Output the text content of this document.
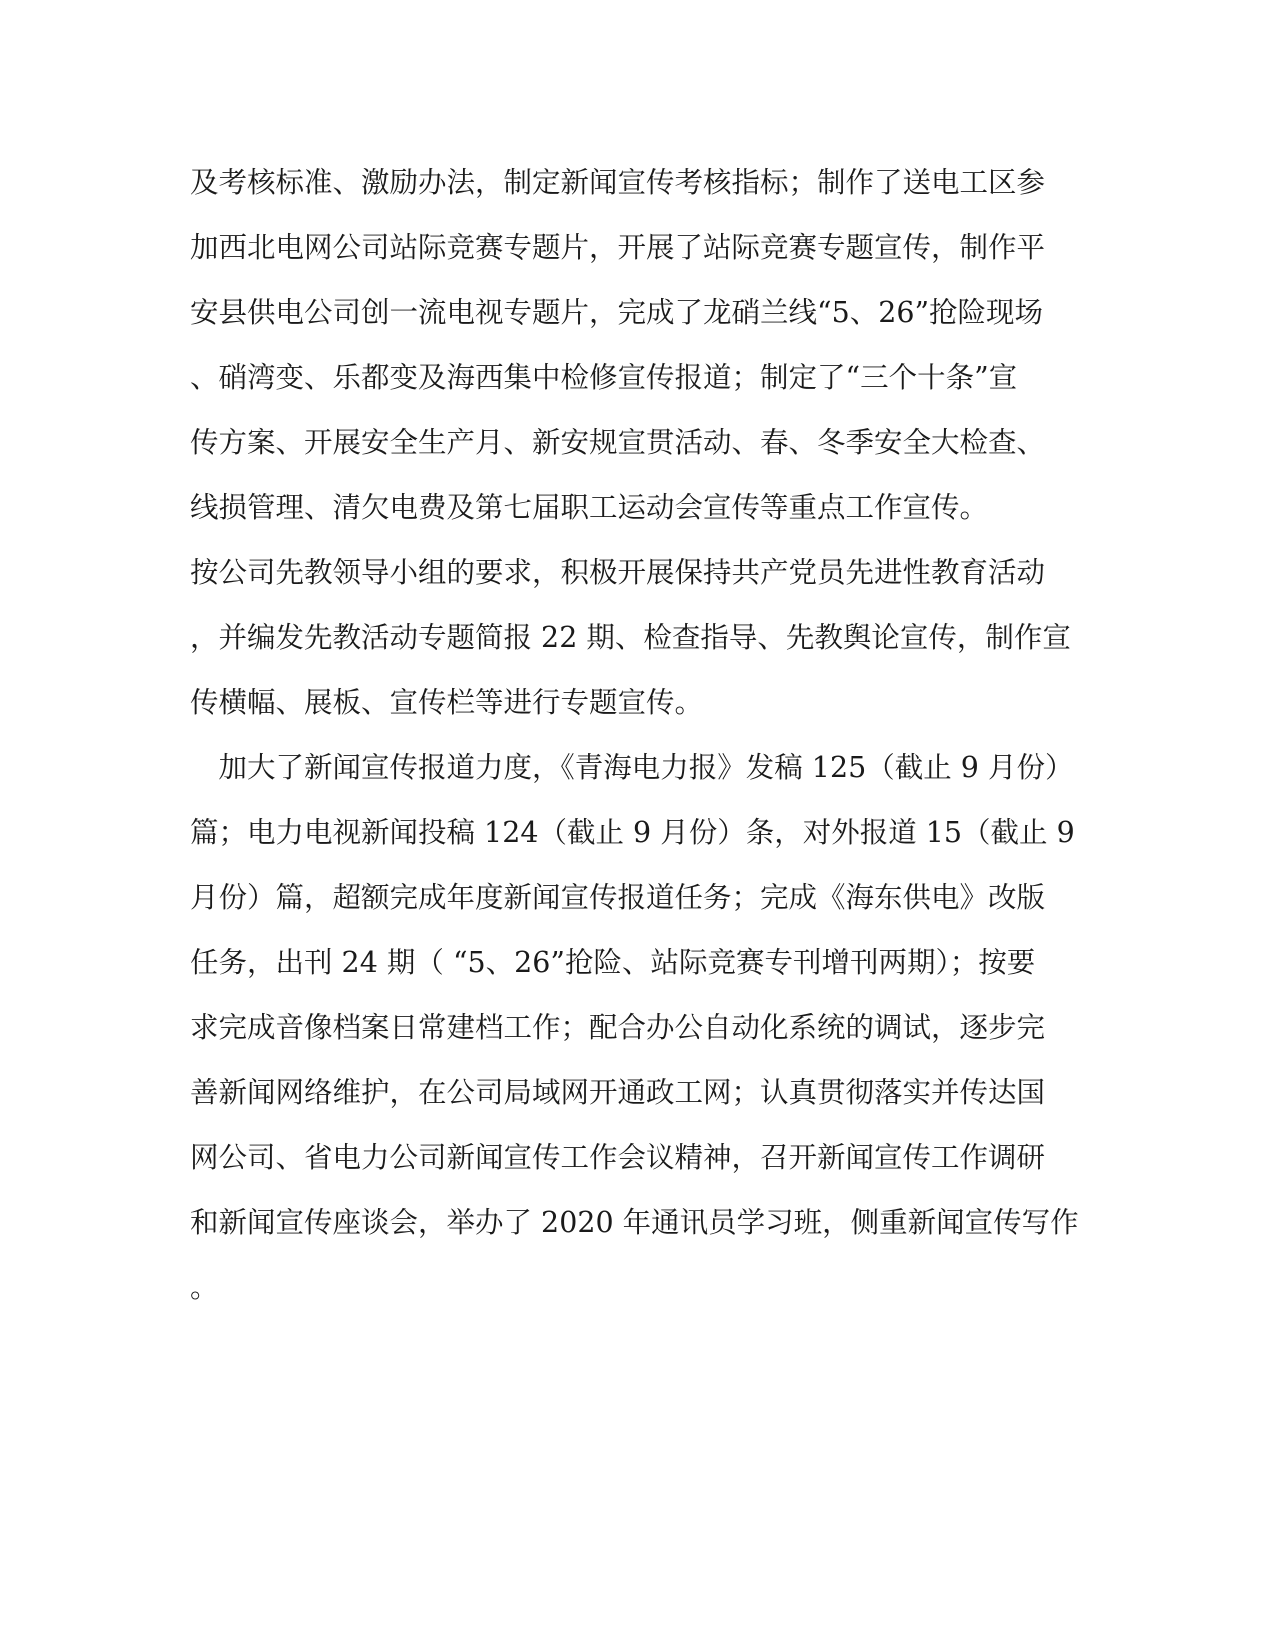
及考核标准、激励办法，制定新闻宣传考核指标；制作了送电工区参
加西北电网公司站际竞赛专题片，开展了站际竞赛专题宣传，制作平
安县供电公司创一流电视专题片，完成了龙硝兰线“5、26”抢险现场
、硝湾变、乐都变及海西集中检修宣传报道；制定了“三个十条”宣
传方案、开展安全生产月、新安规宣贯活动、春、冬季安全大检查、
线损管理、清欠电费及第七届职工运动会宣传等重点工作宣传。
按公司先教领导小组的要求，积极开展保持共产党员先进性教育活动
，并编发先教活动专题简报 22 期、检查指导、先教舆论宣传，制作宣
传横幅、展板、宣传栏等进行专题宣传。
　加大了新闻宣传报道力度，《青海电力报》发稿 125（截止 9 月份）
篇；电力电视新闻投稿 124（截止 9 月份）条，对外报道 15（截止 9
月份）篇，超额完成年度新闻宣传报道任务；完成《海东供电》改版
任务，出刊 24 期（ “5、26”抢险、站际竞赛专刊增刊两期）；按要
求完成音像档案日常建档工作；配合办公自动化系统的调试，逐步完
善新闻网络维护，在公司局域网开通政工网；认真贯彻落实并传达国
网公司、省电力公司新闻宣传工作会议精神，召开新闻宣传工作调研
和新闻宣传座谈会，举办了 2020 年通讯员学习班，侧重新闻宣传写作
。
